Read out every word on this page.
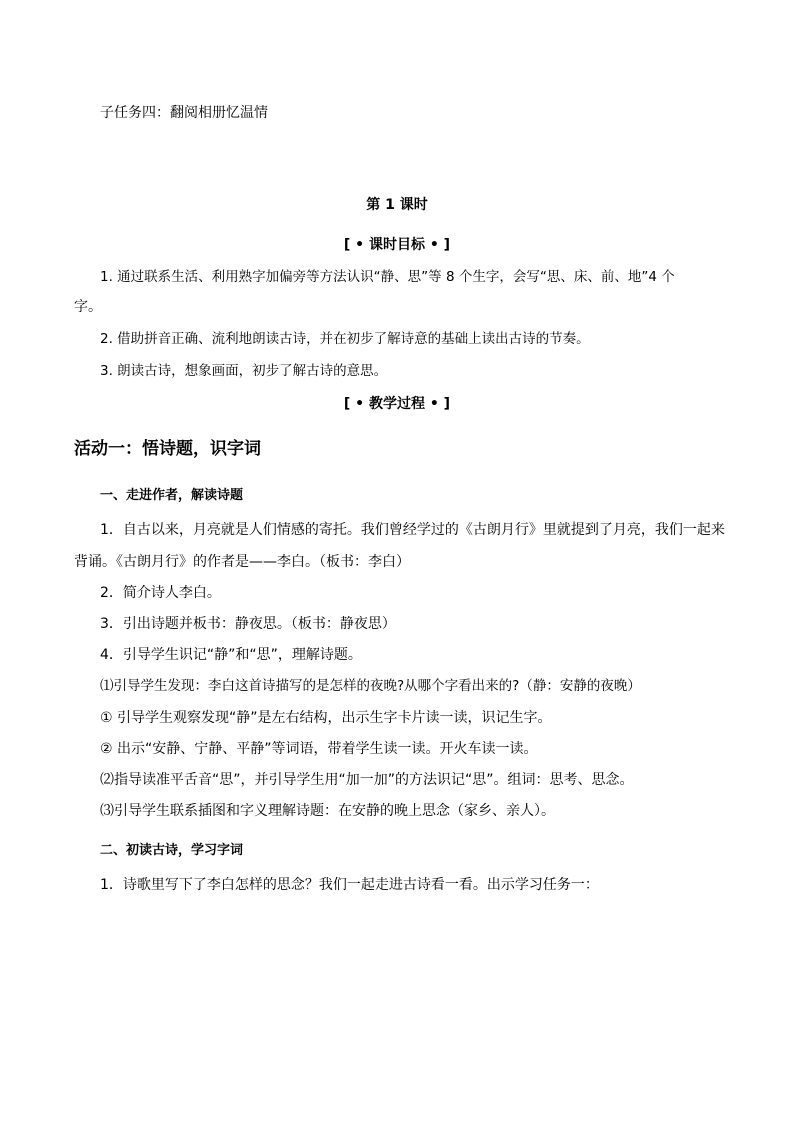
子任务四：翻阅相册忆温情
第 1 课时
[ • 课时目标 • ]
1. 通过联系生活、利用熟字加偏旁等方法认识“静、思”等 8 个生字，会写“思、床、前、地”4 个
字。
2. 借助拼音正确、流利地朗读古诗，并在初步了解诗意的基础上读出古诗的节奏。
3. 朗读古诗，想象画面，初步了解古诗的意思。
[ • 教学过程 • ]
活动一：悟诗题，识字词
一、走进作者，解读诗题
1．自古以来，月亮就是人们情感的寄托。我们曾经学过的《古朗月行》里就提到了月亮，我们一起来
背诵。《古朗月行》的作者是——李白。（板书：李白）
2．简介诗人李白。
3．引出诗题并板书：静夜思。（板书：静夜思）
4．引导学生识记“静”和“思”，理解诗题。
⑴引导学生发现：李白这首诗描写的是怎样的夜晚?从哪个字看出来的?（静：安静的夜晚）
① 引导学生观察发现“静”是左右结构，出示生字卡片读一读，识记生字。
② 出示“安静、宁静、平静”等词语，带着学生读一读。开火车读一读。
⑵指导读准平舌音“思”，并引导学生用“加一加”的方法识记“思”。组词：思考、思念。
⑶引导学生联系插图和字义理解诗题：在安静的晚上思念（家乡、亲人）。
二、初读古诗，学习字词
1．诗歌里写下了李白怎样的思念？我们一起走进古诗看一看。出示学习任务一：
